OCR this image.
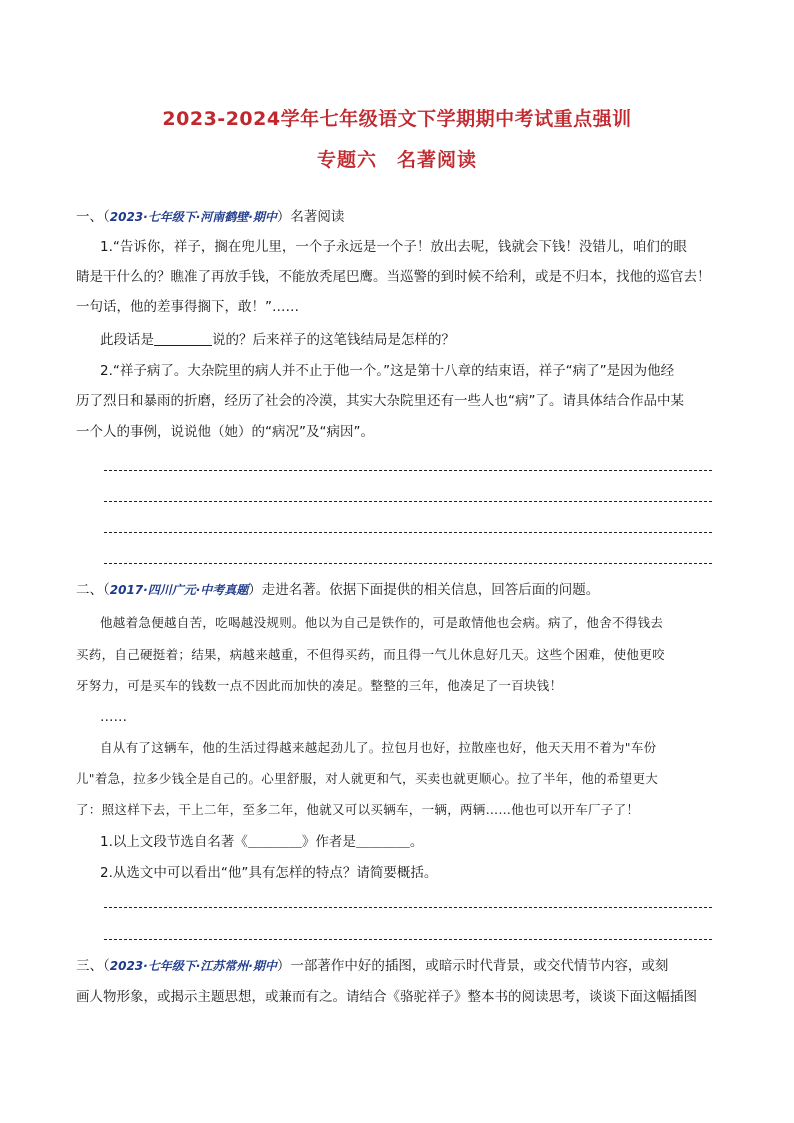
2023-2024学年七年级语文下学期期中考试重点强训
专题六　名著阅读
一、（2023·七年级下·河南鹤壁·期中）名著阅读
1.“告诉你，祥子，搁在兜儿里，一个子永远是一个子！放出去呢，钱就会下钱！没错儿，咱们的眼
睛是干什么的？瞧准了再放手钱，不能放秃尾巴鹰。当巡警的到时候不给利，或是不归本，找他的巡官去！
一句话，他的差事得搁下，敢！”……
此段话是	说的？后来祥子的这笔钱结局是怎样的？
2.“祥子病了。大杂院里的病人并不止于他一个。”这是第十八章的结束语，祥子“病了”是因为他经
历了烈日和暴雨的折磨，经历了社会的冷漠，其实大杂院里还有一些人也“病”了。请具体结合作品中某
一个人的事例，说说他（她）的“病况”及“病因”。
二、（2017·四川广元·中考真题）走进名著。依据下面提供的相关信息，回答后面的问题。
他越着急便越自苦，吃喝越没规则。他以为自己是铁作的，可是敢情他也会病。病了，他舍不得钱去
买药，自己硬挺着；结果，病越来越重，不但得买药，而且得一气儿休息好几天。这些个困难，使他更咬
牙努力，可是买车的钱数一点不因此而加快的凑足。整整的三年，他凑足了一百块钱！
……
自从有了这辆车，他的生活过得越来越起劲儿了。拉包月也好，拉散座也好，他天天用不着为"车份
儿"着急，拉多少钱全是自己的。心里舒服，对人就更和气，买卖也就更顺心。拉了半年，他的希望更大
了：照这样下去，干上二年，至多二年，他就又可以买辆车，一辆，两辆……他也可以开车厂子了！
1.以上文段节选自名著《＿＿＿＿》作者是＿＿＿＿。
2.从选文中可以看出“他”具有怎样的特点？请简要概括。
三、（2023·七年级下·江苏常州·期中）一部著作中好的插图，或暗示时代背景，或交代情节内容，或刻
画人物形象，或揭示主题思想，或兼而有之。请结合《骆驼祥子》整本书的阅读思考，谈谈下面这幅插图
